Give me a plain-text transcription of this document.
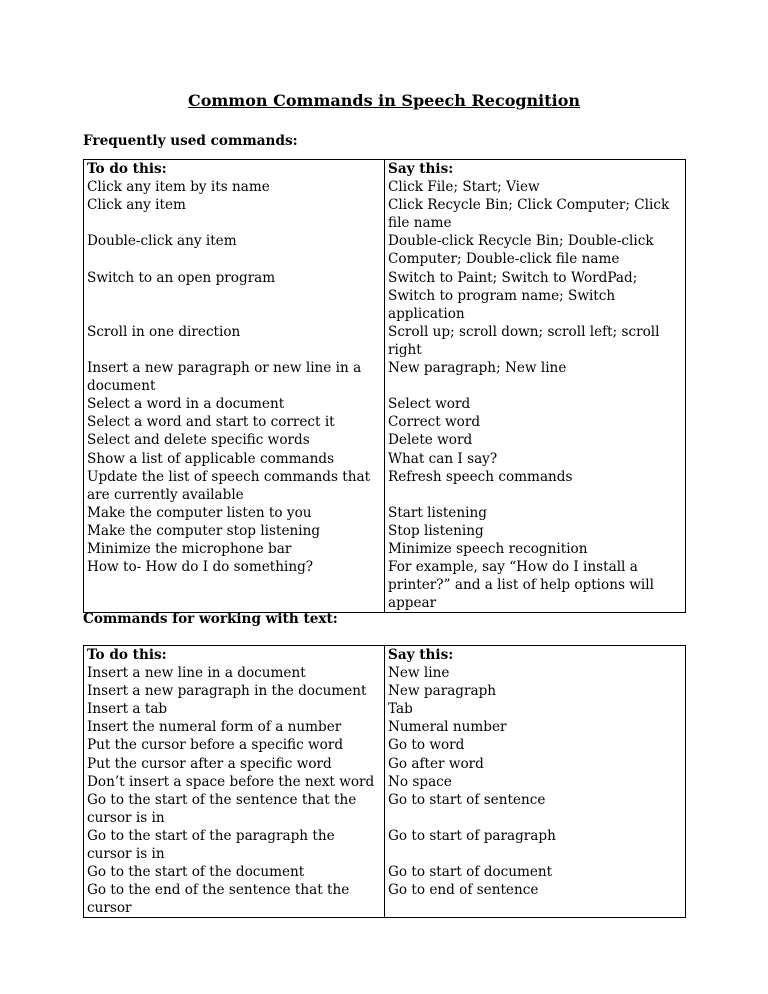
Common Commands in Speech Recognition

Frequently used commands:

To do this:	Say this:
Click any item by its name	Click File; Start; View
Click any item	Click Recycle Bin; Click Computer; Click file name
Double-click any item	Double-click Recycle Bin; Double-click Computer; Double-click file name
Switch to an open program	Switch to Paint; Switch to WordPad; Switch to program name; Switch application
Scroll in one direction	Scroll up; scroll down; scroll left; scroll right
Insert a new paragraph or new line in a document	New paragraph; New line
Select a word in a document	Select word
Select a word and start to correct it	Correct word
Select and delete specific words	Delete word
Show a list of applicable commands	What can I say?
Update the list of speech commands that are currently available	Refresh speech commands
Make the computer listen to you	Start listening
Make the computer stop listening	Stop listening
Minimize the microphone bar	Minimize speech recognition
How to- How do I do something?	For example, say “How do I install a printer?” and a list of help options will appear

Commands for working with text:

To do this:	Say this:
Insert a new line in a document	New line
Insert a new paragraph in the document	New paragraph
Insert a tab	Tab
Insert the numeral form of a number	Numeral number
Put the cursor before a specific word	Go to word
Put the cursor after a specific word	Go after word
Don’t insert a space before the next word	No space
Go to the start of the sentence that the cursor is in	Go to start of sentence
Go to the start of the paragraph the cursor is in	Go to start of paragraph
Go to the start of the document	Go to start of document
Go to the end of the sentence that the cursor	Go to end of sentence
